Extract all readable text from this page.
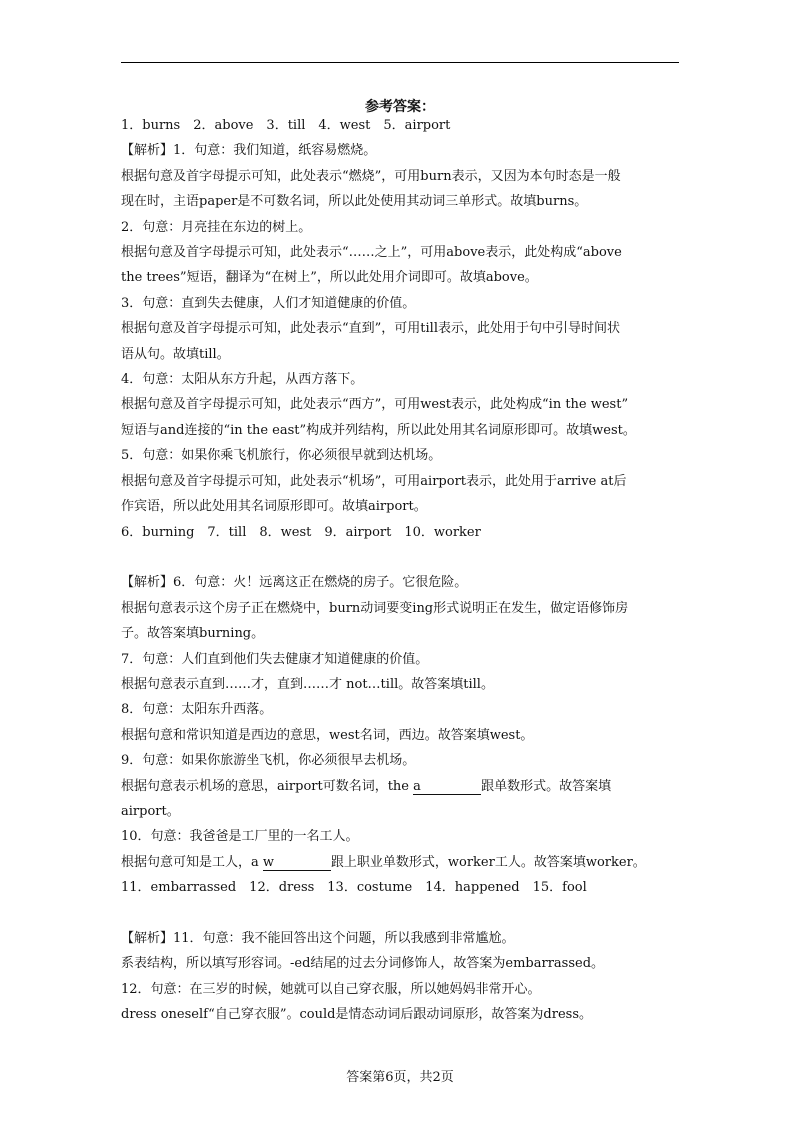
参考答案：
1．burns　2．above　3．till　4．west　5．airport
【解析】1．句意：我们知道，纸容易燃烧。
根据句意及首字母提示可知，此处表示“燃烧”，可用burn表示，又因为本句时态是一般
现在时，主语paper是不可数名词，所以此处使用其动词三单形式。故填burns。
2．句意：月亮挂在东边的树上。
根据句意及首字母提示可知，此处表示“……之上”，可用above表示，此处构成“above
the trees”短语，翻译为“在树上”，所以此处用介词即可。故填above。
3．句意：直到失去健康，人们才知道健康的价值。
根据句意及首字母提示可知，此处表示“直到”，可用till表示，此处用于句中引导时间状
语从句。故填till。
4．句意：太阳从东方升起，从西方落下。
根据句意及首字母提示可知，此处表示“西方”，可用west表示，此处构成“in the west”
短语与and连接的“in the east”构成并列结构，所以此处用其名词原形即可。故填west。
5．句意：如果你乘飞机旅行，你必须很早就到达机场。
根据句意及首字母提示可知，此处表示“机场”，可用airport表示，此处用于arrive at后
作宾语，所以此处用其名词原形即可。故填airport。
6．burning　7．till　8．west　9．airport　10．worker
【解析】6．句意：火！远离这正在燃烧的房子。它很危险。
根据句意表示这个房子正在燃烧中，burn动词要变ing形式说明正在发生，做定语修饰房
子。故答案填burning。
7．句意：人们直到他们失去健康才知道健康的价值。
根据句意表示直到……才，直到……才 not…till。故答案填till。
8．句意：太阳东升西落。
根据句意和常识知道是西边的意思，west名词，西边。故答案填west。
9．句意：如果你旅游坐飞机，你必须很早去机场。
根据句意表示机场的意思，airport可数名词，the a	跟单数形式。故答案填
airport。
10．句意：我爸爸是工厂里的一名工人。
根据句意可知是工人，a w	跟上职业单数形式，worker工人。故答案填worker。
11．embarrassed　12．dress　13．costume　14．happened　15．fool
【解析】11．句意：我不能回答出这个问题，所以我感到非常尴尬。
系表结构，所以填写形容词。-ed结尾的过去分词修饰人，故答案为embarrassed。
12．句意：在三岁的时候，她就可以自己穿衣服，所以她妈妈非常开心。
dress oneself“自己穿衣服”。could是情态动词后跟动词原形，故答案为dress。
答案第6页，共2页
